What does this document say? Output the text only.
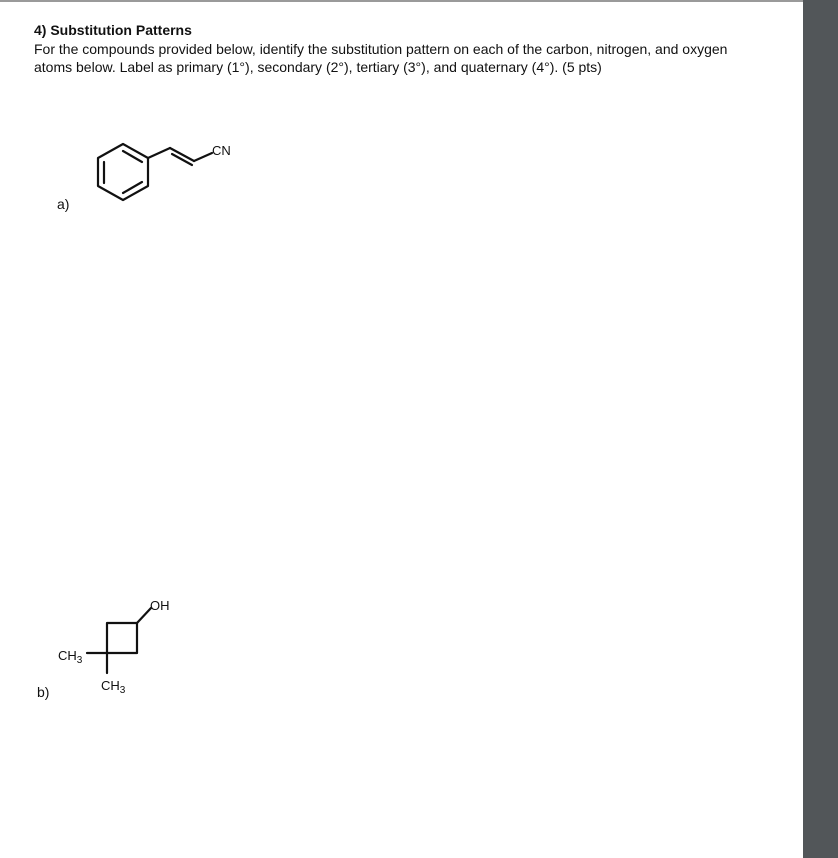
4) Substitution Patterns
For the compounds provided below, identify the substitution pattern on each of the carbon, nitrogen, and oxygen atoms below. Label as primary (1°), secondary (2°), tertiary (3°), and quaternary (4°). (5 pts)
a)
CN
b)
OH
$CH_3$
$CH_3$
